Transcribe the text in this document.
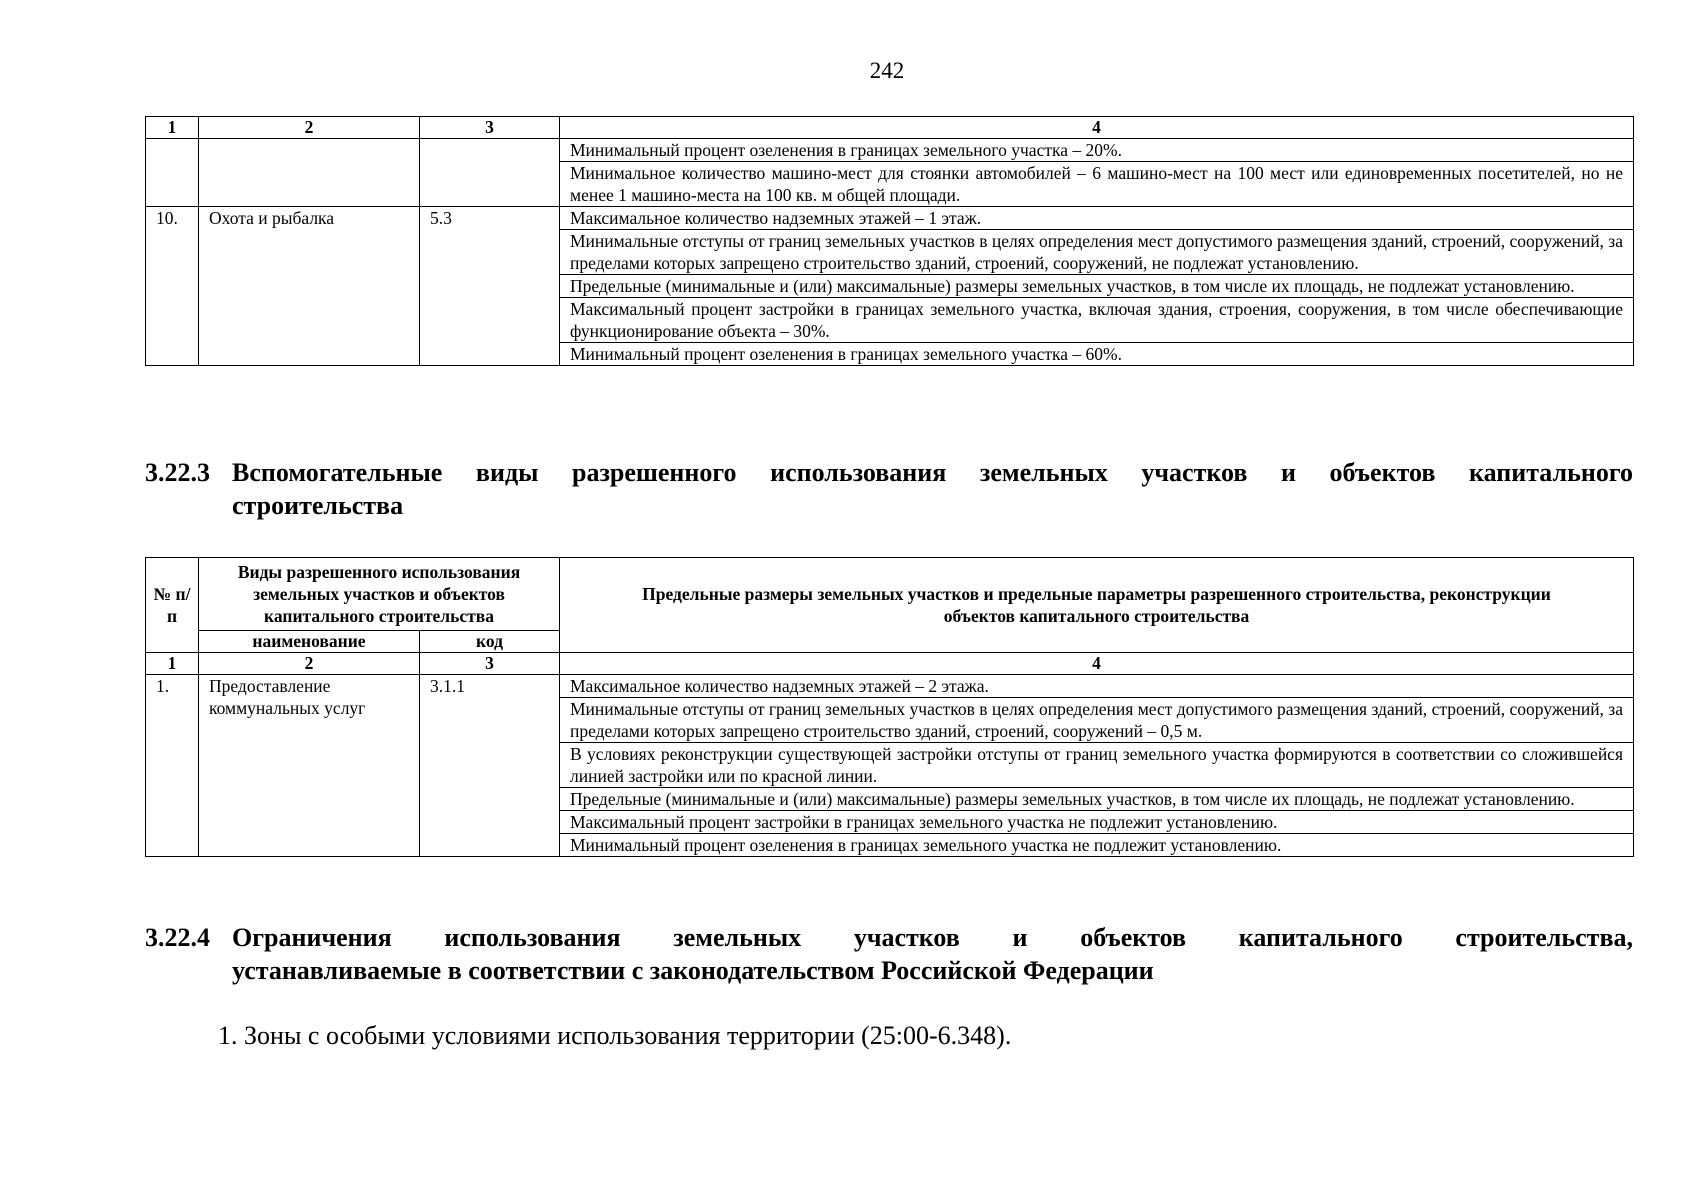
242
1	2	3	4
			Минимальный процент озеленения в границах земельного участка – 20%.
			Минимальное количество машино-мест для стоянки автомобилей – 6 машино-мест на 100 мест или единовременных посетителей, но не менее 1 машино-места на 100 кв. м общей площади.
10.	Охота и рыбалка	5.3	Максимальное количество надземных этажей – 1 этаж.
			Минимальные отступы от границ земельных участков в целях определения мест допустимого размещения зданий, строений, сооружений, за пределами которых запрещено строительство зданий, строений, сооружений, не подлежат установлению.
			Предельные (минимальные и (или) максимальные) размеры земельных участков, в том числе их площадь, не подлежат установлению.
			Максимальный процент застройки в границах земельного участка, включая здания, строения, сооружения, в том числе обеспечивающие функционирование объекта – 30%.
			Минимальный процент озеленения в границах земельного участка – 60%.
3.22.3 Вспомогательные виды разрешенного использования земельных участков и объектов капитального
строительства
№ п/п	Виды разрешенного использования земельных участков и объектов капитального строительства		Предельные размеры земельных участков и предельные параметры разрешенного строительства, реконструкции объектов капитального строительства
	наименование	код	
1	2	3	4
1.	Предоставление коммунальных услуг	3.1.1	Максимальное количество надземных этажей – 2 этажа.
			Минимальные отступы от границ земельных участков в целях определения мест допустимого размещения зданий, строений, сооружений, за пределами которых запрещено строительство зданий, строений, сооружений – 0,5 м.
			В условиях реконструкции существующей застройки отступы от границ земельного участка формируются в соответствии со сложившейся линией застройки или по красной линии.
			Предельные (минимальные и (или) максимальные) размеры земельных участков, в том числе их площадь, не подлежат установлению.
			Максимальный процент застройки в границах земельного участка не подлежит установлению.
			Минимальный процент озеленения в границах земельного участка не подлежит установлению.
3.22.4 Ограничения использования земельных участков и объектов капитального строительства,
устанавливаемые в соответствии с законодательством Российской Федерации
1. Зоны с особыми условиями использования территории (25:00-6.348).
